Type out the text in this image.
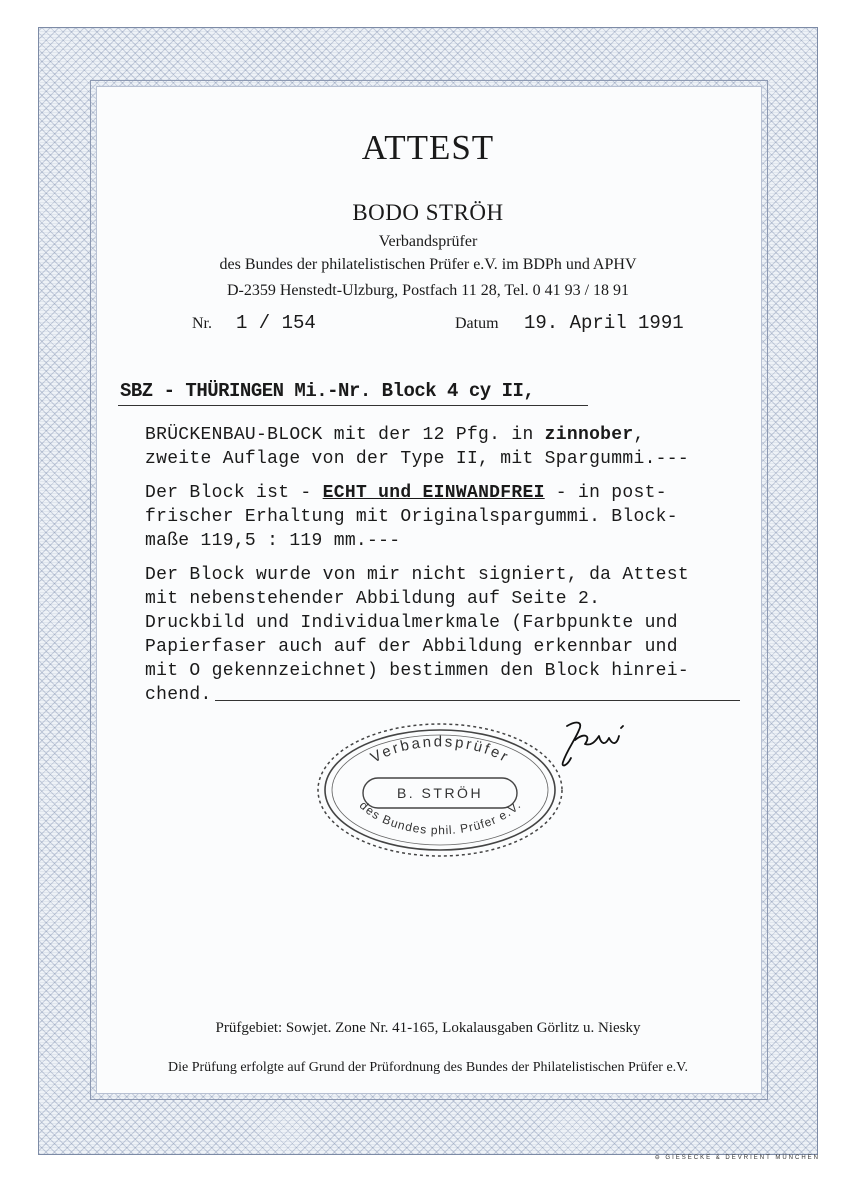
ATTEST
BODO STRÖH
Verbandsprüfer
des Bundes der philatelistischen Prüfer e.V. im BDPh und APHV
D-2359 Henstedt-Ulzburg, Postfach 11 28, Tel. 0 41 93 / 18 91
Nr. 1 / 154	Datum 19. April 1991
SBZ - THÜRINGEN Mi.-Nr. Block 4 cy II,
BRÜCKENBAU-BLOCK mit der 12 Pfg. in zinnober,
zweite Auflage von der Type II, mit Spargummi.---
Der Block ist - ECHT und EINWANDFREI - in post-
frischer Erhaltung mit Originalspargummi. Block-
maße 119,5 : 119 mm.---
Der Block wurde von mir nicht signiert, da Attest
mit nebenstehender Abbildung auf Seite 2.
Druckbild und Individualmerkmale (Farbpunkte und
Papierfaser auch auf der Abbildung erkennbar und
mit O gekennzeichnet) bestimmen den Block hinrei-
chend.
Verbandsprüfer
B. STRÖH
des Bundes phil. Prüfer e.V.
Prüfgebiet: Sowjet. Zone Nr. 41-165, Lokalausgaben Görlitz u. Niesky
Die Prüfung erfolgte auf Grund der Prüfordnung des Bundes der Philatelistischen Prüfer e.V.
⊖ GIESECKE & DEVRIENT MÜNCHEN
